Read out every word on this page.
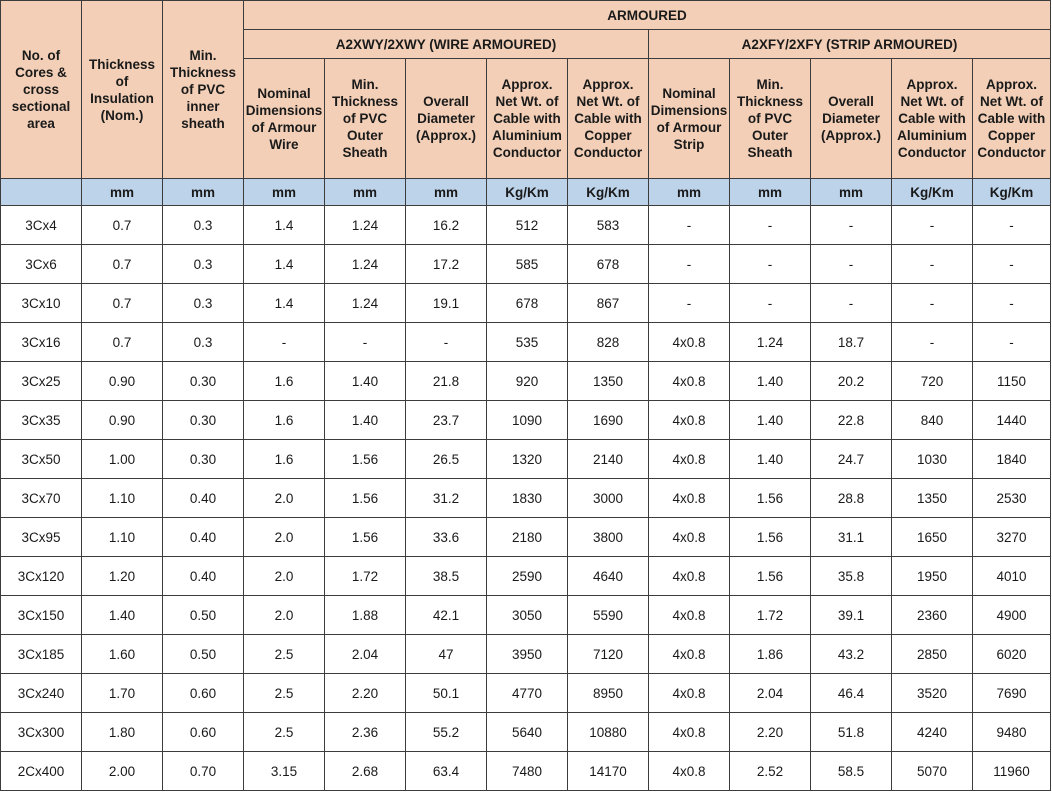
No. of
Cores &
cross
sectional
area	Thickness
of
Insulation
(Nom.)	Min.
Thickness
of PVC
inner
sheath	ARMOURED									
			A2XWY/2XWY (WIRE ARMOURED)					A2XFY/2XFY (STRIP ARMOURED)				

			Nominal
Dimensions
of Armour
Wire	Min.
Thickness
of PVC
Outer
Sheath	Overall
Diameter
(Approx.)	Approx.
Net Wt. of
Cable with
Aluminium
Conductor	Approx.
Net Wt. of
Cable with
Copper
Conductor	Nominal
Dimensions
of Armour
Strip	Min.
Thickness
of PVC
Outer
Sheath	Overall
Diameter
(Approx.)	Approx.
Net Wt. of
Cable with
Aluminium
Conductor	Approx.
Net Wt. of
Cable with
Copper
Conductor

	mm	mm	mm	mm	mm	Kg/Km	Kg/Km	mm	mm	mm	Kg/Km	Kg/Km
3Cx4	0.7	0.3	1.4	1.24	16.2	512	583	-	-	-	-	-
3Cx6	0.7	0.3	1.4	1.24	17.2	585	678	-	-	-	-	-
3Cx10	0.7	0.3	1.4	1.24	19.1	678	867	-	-	-	-	-
3Cx16	0.7	0.3	-	-	-	535	828	4x0.8	1.24	18.7	-	-
3Cx25	0.90	0.30	1.6	1.40	21.8	920	1350	4x0.8	1.40	20.2	720	1150
3Cx35	0.90	0.30	1.6	1.40	23.7	1090	1690	4x0.8	1.40	22.8	840	1440
3Cx50	1.00	0.30	1.6	1.56	26.5	1320	2140	4x0.8	1.40	24.7	1030	1840
3Cx70	1.10	0.40	2.0	1.56	31.2	1830	3000	4x0.8	1.56	28.8	1350	2530
3Cx95	1.10	0.40	2.0	1.56	33.6	2180	3800	4x0.8	1.56	31.1	1650	3270
3Cx120	1.20	0.40	2.0	1.72	38.5	2590	4640	4x0.8	1.56	35.8	1950	4010
3Cx150	1.40	0.50	2.0	1.88	42.1	3050	5590	4x0.8	1.72	39.1	2360	4900
3Cx185	1.60	0.50	2.5	2.04	47	3950	7120	4x0.8	1.86	43.2	2850	6020
3Cx240	1.70	0.60	2.5	2.20	50.1	4770	8950	4x0.8	2.04	46.4	3520	7690
3Cx300	1.80	0.60	2.5	2.36	55.2	5640	10880	4x0.8	2.20	51.8	4240	9480
2Cx400	2.00	0.70	3.15	2.68	63.4	7480	14170	4x0.8	2.52	58.5	5070	11960
